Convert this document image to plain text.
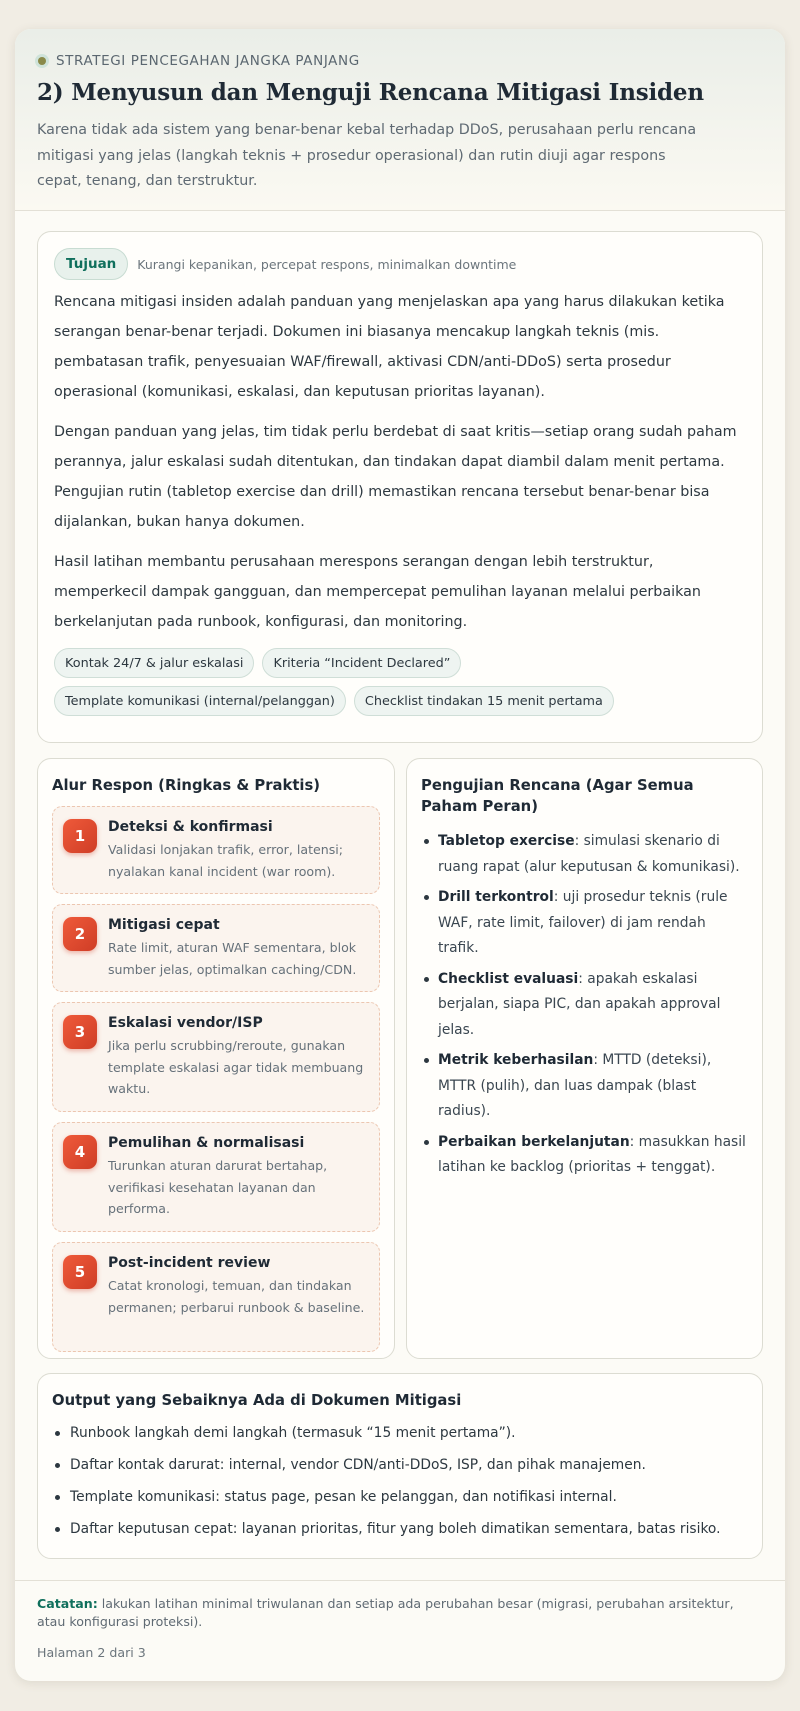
STRATEGI PENCEGAHAN JANGKA PANJANG
2) Menyusun dan Menguji Rencana Mitigasi Insiden

Karena tidak ada sistem yang benar-benar kebal terhadap DDoS, perusahaan perlu rencana mitigasi yang jelas (langkah teknis + prosedur operasional) dan rutin diuji agar respons cepat, tenang, dan terstruktur.

Tujuan	Kurangi kepanikan, percepat respons, minimalkan downtime

Rencana mitigasi insiden adalah panduan yang menjelaskan apa yang harus dilakukan ketika serangan benar-benar terjadi. Dokumen ini biasanya mencakup langkah teknis (mis. pembatasan trafik, penyesuaian WAF/firewall, aktivasi CDN/anti-DDoS) serta prosedur operasional (komunikasi, eskalasi, dan keputusan prioritas layanan).

Dengan panduan yang jelas, tim tidak perlu berdebat di saat kritis—setiap orang sudah paham perannya, jalur eskalasi sudah ditentukan, dan tindakan dapat diambil dalam menit pertama. Pengujian rutin (tabletop exercise dan drill) memastikan rencana tersebut benar-benar bisa dijalankan, bukan hanya dokumen.

Hasil latihan membantu perusahaan merespons serangan dengan lebih terstruktur, memperkecil dampak gangguan, dan mempercepat pemulihan layanan melalui perbaikan berkelanjutan pada runbook, konfigurasi, dan monitoring.

Kontak 24/7 & jalur eskalasi	Kriteria “Incident Declared”
Template komunikasi (internal/pelanggan)	Checklist tindakan 15 menit pertama
Alur Respon (Ringkas & Praktis)
1	Deteksi & konfirmasi
Validasi lonjakan trafik, error, latensi; nyalakan kanal incident (war room).
2	Mitigasi cepat
Rate limit, aturan WAF sementara, blok sumber jelas, optimalkan caching/CDN.
3	Eskalasi vendor/ISP
Jika perlu scrubbing/reroute, gunakan template eskalasi agar tidak membuang waktu.
4	Pemulihan & normalisasi
Turunkan aturan darurat bertahap, verifikasi kesehatan layanan dan performa.
5	Post-incident review
Catat kronologi, temuan, dan tindakan permanen; perbarui runbook & baseline.
Pengujian Rencana (Agar Semua Paham Peran)
Tabletop exercise: simulasi skenario di ruang rapat (alur keputusan & komunikasi).
Drill terkontrol: uji prosedur teknis (rule WAF, rate limit, failover) di jam rendah trafik.
Checklist evaluasi: apakah eskalasi berjalan, siapa PIC, dan apakah approval jelas.
Metrik keberhasilan: MTTD (deteksi), MTTR (pulih), dan luas dampak (blast radius).
Perbaikan berkelanjutan: masukkan hasil latihan ke backlog (prioritas + tenggat).
Output yang Sebaiknya Ada di Dokumen Mitigasi
Runbook langkah demi langkah (termasuk “15 menit pertama”).
Daftar kontak darurat: internal, vendor CDN/anti-DDoS, ISP, dan pihak manajemen.
Template komunikasi: status page, pesan ke pelanggan, dan notifikasi internal.
Daftar keputusan cepat: layanan prioritas, fitur yang boleh dimatikan sementara, batas risiko.

Catatan: lakukan latihan minimal triwulanan dan setiap ada perubahan besar (migrasi, perubahan arsitektur, atau konfigurasi proteksi).

Halaman 2 dari 3
